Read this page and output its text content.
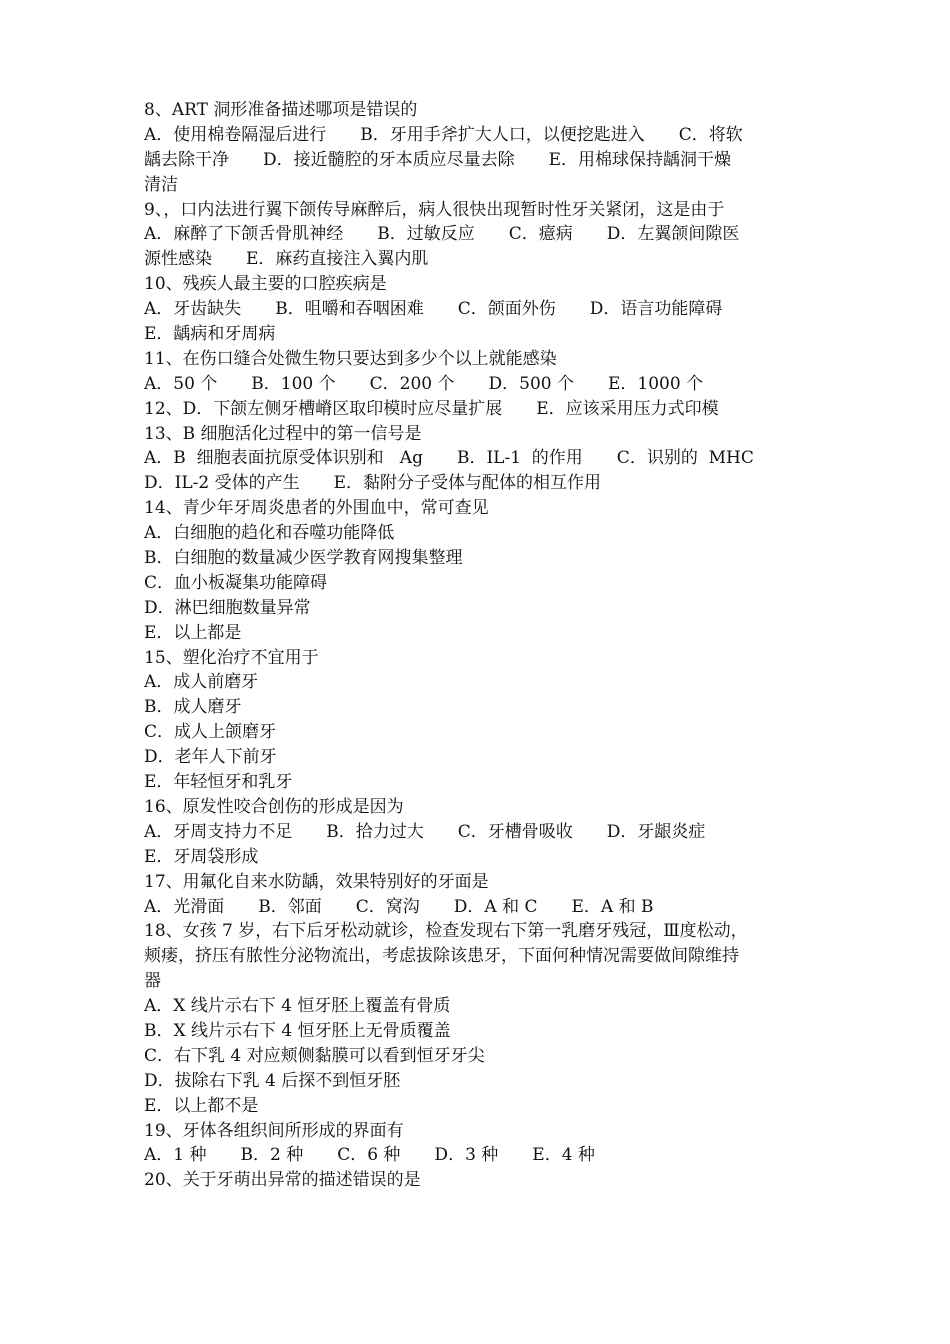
8、ART 洞形准备描述哪项是错误的
A．使用棉卷隔湿后进行　　B．牙用手斧扩大人口，以便挖匙进入　　C．将软
龋去除干净　　D．接近髓腔的牙本质应尽量去除　　E．用棉球保持龋洞干燥
清洁
9、，口内法进行翼下颌传导麻醉后，病人很快出现暂时性牙关紧闭，这是由于
A．麻醉了下颌舌骨肌神经　　B．过敏反应　　C．癔病　　D．左翼颌间隙医
源性感染　　E．麻药直接注入翼内肌
10、残疾人最主要的口腔疾病是
A．牙齿缺失　　B．咀嚼和吞咽困难　　C．颌面外伤　　D．语言功能障碍
E．龋病和牙周病
11、在伤口缝合处微生物只要达到多少个以上就能感染
A．50 个　　B．100 个　　C．200 个　　D．500 个　　E．1000 个
12、D．下颌左侧牙槽嵴区取印模时应尽量扩展　　E．应该采用压力式印模
13、B 细胞活化过程中的第一信号是
A．B  细胞表面抗原受体识别和   Ag　　B．IL-1  的作用　　C．识别的  MHC
D．IL-2 受体的产生　　E．黏附分子受体与配体的相互作用
14、青少年牙周炎患者的外围血中，常可查见
A．白细胞的趋化和吞噬功能降低
B．白细胞的数量减少医学教育网搜集整理
C．血小板凝集功能障碍
D．淋巴细胞数量异常
E．以上都是
15、塑化治疗不宜用于
A．成人前磨牙
B．成人磨牙
C．成人上颌磨牙
D．老年人下前牙
E．年轻恒牙和乳牙
16、原发性咬合创伤的形成是因为
A．牙周支持力不足　　B．拾力过大　　C．牙槽骨吸收　　D．牙龈炎症
E．牙周袋形成
17、用氟化自来水防龋，效果特别好的牙面是
A．光滑面　　B．邻面　　C．窝沟　　D．A 和 C　　E．A 和 B
18、女孩 7 岁，右下后牙松动就诊，检查发现右下第一乳磨牙残冠，Ⅲ度松动，
颊瘘，挤压有脓性分泌物流出，考虑拔除该患牙，下面何种情况需要做间隙维持
器
A．X 线片示右下 4 恒牙胚上覆盖有骨质
B．X 线片示右下 4 恒牙胚上无骨质覆盖
C．右下乳 4 对应颊侧黏膜可以看到恒牙牙尖
D．拔除右下乳 4 后探不到恒牙胚
E．以上都不是
19、牙体各组织间所形成的界面有
A．1 种　　B．2 种　　C．6 种　　D．3 种　　E．4 种
20、关于牙萌出异常的描述错误的是
